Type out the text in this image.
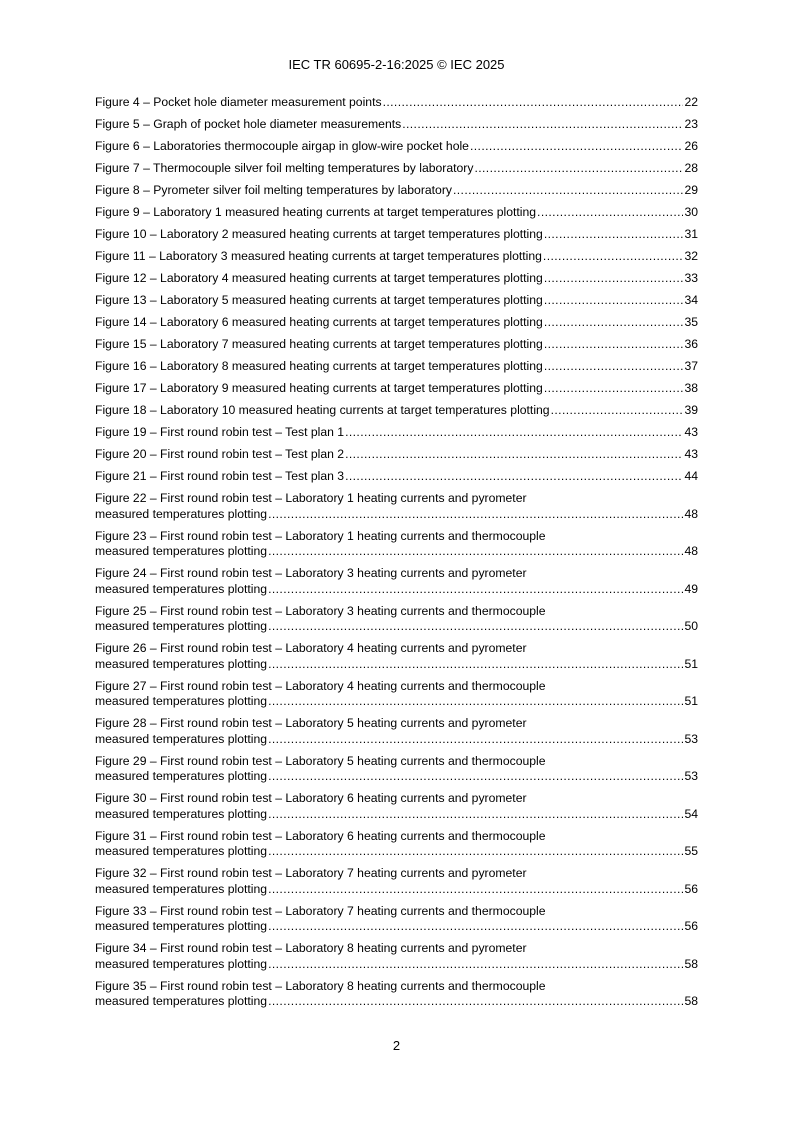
IEC TR 60695-2-16:2025 © IEC 2025
Figure 4 – Pocket hole diameter measurement points .....	22
Figure 5 – Graph of pocket hole diameter measurements .....	23
Figure 6 – Laboratories thermocouple airgap in glow-wire pocket hole .....	26
Figure 7 – Thermocouple silver foil melting temperatures by laboratory .....	28
Figure 8 – Pyrometer silver foil melting temperatures by laboratory .....	29
Figure 9 – Laboratory 1 measured heating currents at target temperatures plotting .....	30
Figure 10 – Laboratory 2 measured heating currents at target temperatures plotting .....	31
Figure 11 – Laboratory 3 measured heating currents at target temperatures plotting .....	32
Figure 12 – Laboratory 4 measured heating currents at target temperatures plotting .....	33
Figure 13 – Laboratory 5 measured heating currents at target temperatures plotting .....	34
Figure 14 – Laboratory 6 measured heating currents at target temperatures plotting .....	35
Figure 15 – Laboratory 7 measured heating currents at target temperatures plotting .....	36
Figure 16 – Laboratory 8 measured heating currents at target temperatures plotting .....	37
Figure 17 – Laboratory 9 measured heating currents at target temperatures plotting .....	38
Figure 18 – Laboratory 10 measured heating currents at target temperatures plotting .....	39
Figure 19 – First round robin test – Test plan 1 .....	43
Figure 20 – First round robin test – Test plan 2 .....	43
Figure 21 – First round robin test – Test plan 3 .....	44
Figure 22 – First round robin test – Laboratory 1 heating currents and pyrometer
measured temperatures plotting .....	48
Figure 23 – First round robin test – Laboratory 1 heating currents and thermocouple
measured temperatures plotting .....	48
Figure 24 – First round robin test – Laboratory 3 heating currents and pyrometer
measured temperatures plotting .....	49
Figure 25 – First round robin test – Laboratory 3 heating currents and thermocouple
measured temperatures plotting .....	50
Figure 26 – First round robin test – Laboratory 4 heating currents and pyrometer
measured temperatures plotting .....	51
Figure 27 – First round robin test – Laboratory 4 heating currents and thermocouple
measured temperatures plotting .....	51
Figure 28 – First round robin test – Laboratory 5 heating currents and pyrometer
measured temperatures plotting .....	53
Figure 29 – First round robin test – Laboratory 5 heating currents and thermocouple
measured temperatures plotting .....	53
Figure 30 – First round robin test – Laboratory 6 heating currents and pyrometer
measured temperatures plotting .....	54
Figure 31 – First round robin test – Laboratory 6 heating currents and thermocouple
measured temperatures plotting .....	55
Figure 32 – First round robin test – Laboratory 7 heating currents and pyrometer
measured temperatures plotting .....	56
Figure 33 – First round robin test – Laboratory 7 heating currents and thermocouple
measured temperatures plotting .....	56
Figure 34 – First round robin test – Laboratory 8 heating currents and pyrometer
measured temperatures plotting .....	58
Figure 35 – First round robin test – Laboratory 8 heating currents and thermocouple
measured temperatures plotting .....	58
2
